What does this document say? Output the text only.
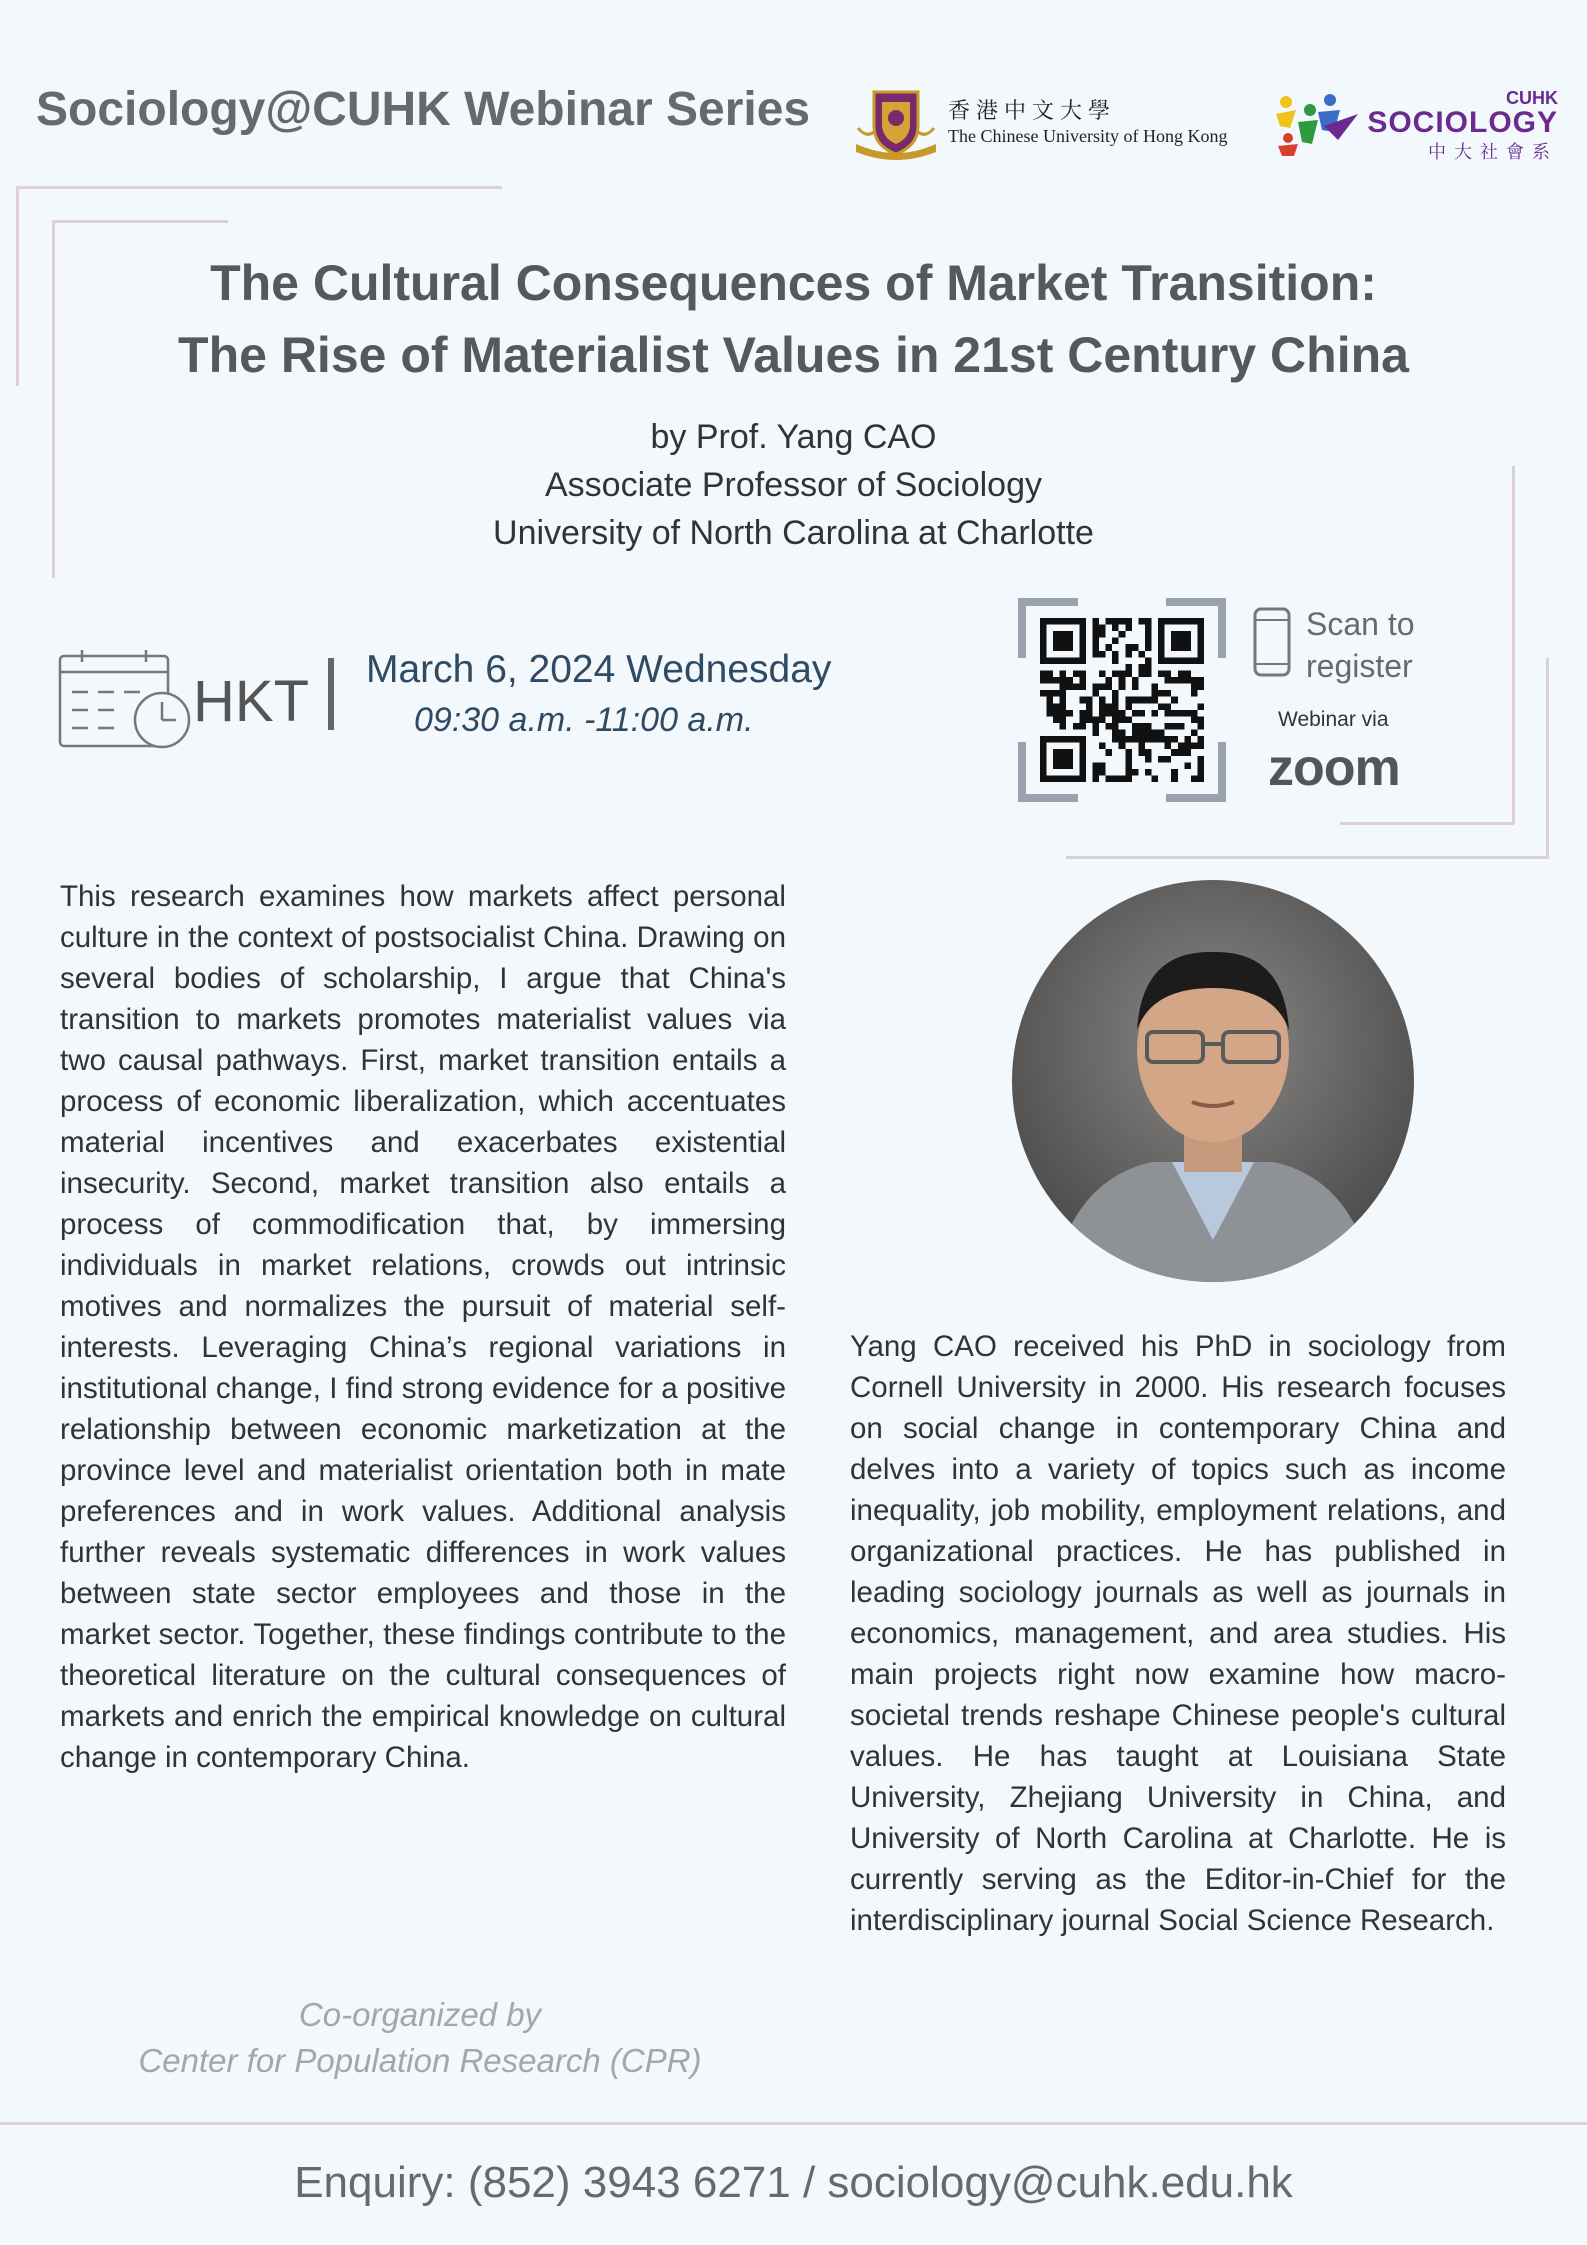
Sociology@CUHK Webinar Series	香港中文大學
The Chinese University of Hong Kong
CUHK
SOCIOLOGY
中大社會系
The Cultural Consequences of Market Transition:
The Rise of Materialist Values in 21st Century China
by Prof. Yang CAO
Associate Professor of Sociology
University of North Carolina at Charlotte
HKT March 6, 2024 Wednesday
09:30 a.m. -11:00 a.m.
Scan to
register
Webinar via
zoom
This research examines how markets affect personal culture in the context of postsocialist China. Drawing on several bodies of scholarship, I argue that China's transition to markets promotes materialist values via two causal pathways. First, market transition entails a process of economic liberalization, which accentuates material incentives and exacerbates existential insecurity. Second, market transition also entails a process of commodification that, by immersing individuals in market relations, crowds out intrinsic motives and normalizes the pursuit of material self-interests. Leveraging China’s regional variations in institutional change, I find strong evidence for a positive relationship between economic marketization at the province level and materialist orientation both in mate preferences and in work values. Additional analysis further reveals systematic differences in work values between state sector employees and those in the market sector. Together, these findings contribute to the theoretical literature on the cultural consequences of markets and enrich the empirical knowledge on cultural change in contemporary China.
Yang CAO received his PhD in sociology from Cornell University in 2000. His research focuses on social change in contemporary China and delves into a variety of topics such as income inequality, job mobility, employment relations, and organizational practices. He has published in leading sociology journals as well as journals in economics, management, and area studies. His main projects right now examine how macro-societal trends reshape Chinese people's cultural values. He has taught at Louisiana State University, Zhejiang University in China, and University of North Carolina at Charlotte. He is currently serving as the Editor-in-Chief for the interdisciplinary journal Social Science Research.
Co-organized by
Center for Population Research (CPR)
Enquiry: (852) 3943 6271 / sociology@cuhk.edu.hk
